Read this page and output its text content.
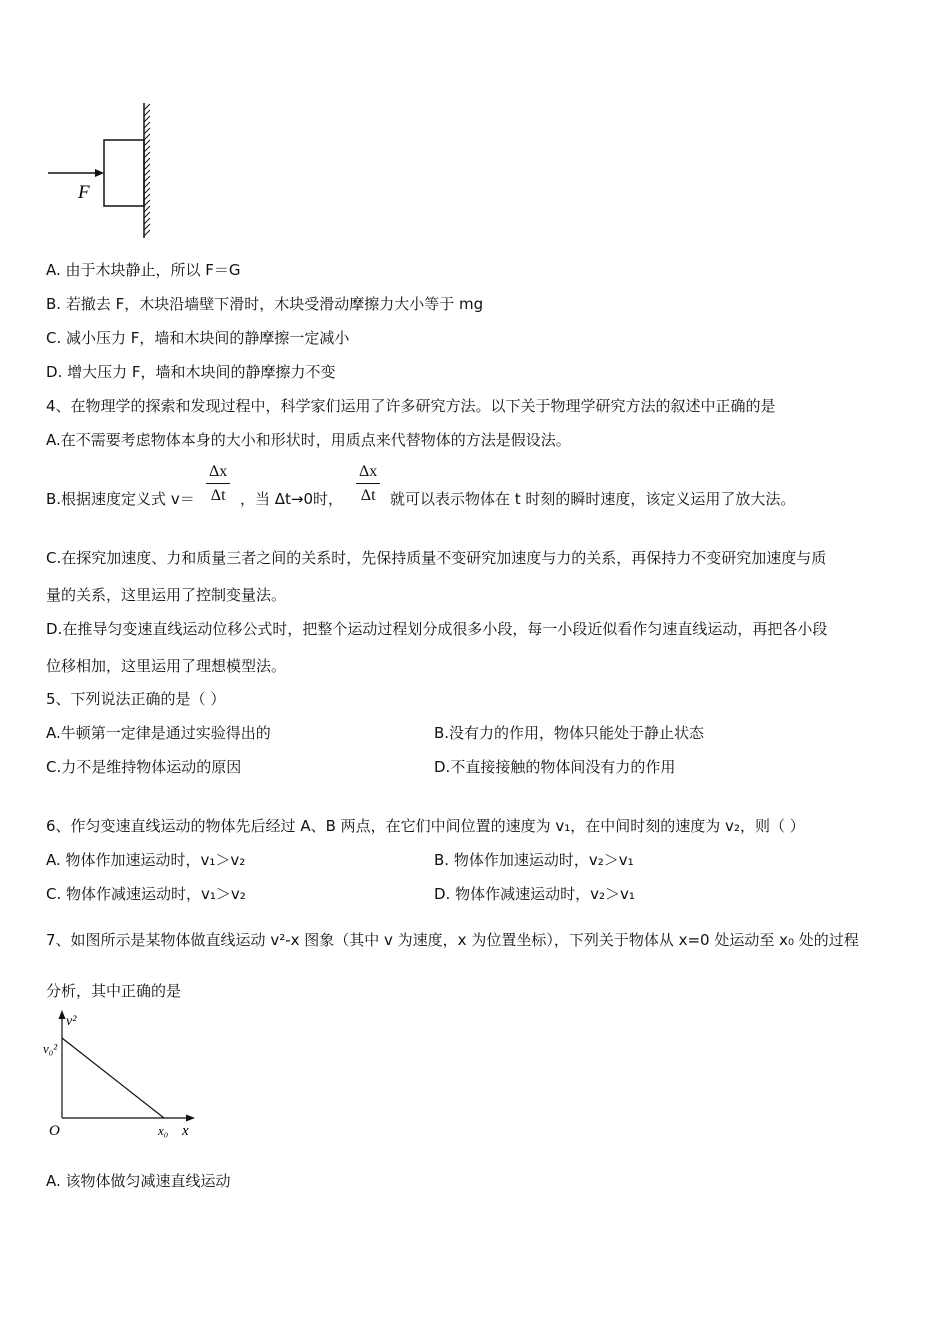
F
A. 由于木块静止，所以 F＝G
B. 若撤去 F，木块沿墙壁下滑时，木块受滑动摩擦力大小等于 mg
C. 减小压力 F，墙和木块间的静摩擦一定减小
D. 增大压力 F，墙和木块间的静摩擦力不变
4、在物理学的探索和发现过程中，科学家们运用了许多研究方法。以下关于物理学研究方法的叙述中正确的是
A.在不需要考虑物体本身的大小和形状时，用质点来代替物体的方法是假设法。
B.根据速度定义式 $v= \frac{\Delta x}{\Delta t}$ ，当 Δt→0时， $\frac{\Delta x}{\Delta t}$ 就可以表示物体在 t 时刻的瞬时速度，该定义运用了放大法。
C.在探究加速度、力和质量三者之间的关系时，先保持质量不变研究加速度与力的关系，再保持力不变研究加速度与质
量的关系，这里运用了控制变量法。
D.在推导匀变速直线运动位移公式时，把整个运动过程划分成很多小段，每一小段近似看作匀速直线运动，再把各小段
位移相加，这里运用了理想模型法。
5、下列说法正确的是（ ）
A.牛顿第一定律是通过实验得出的	B.没有力的作用，物体只能处于静止状态
C.力不是维持物体运动的原因	D.不直接接触的物体间没有力的作用
6、作匀变速直线运动的物体先后经过 A、B 两点，在它们中间位置的速度为 v₁，在中间时刻的速度为 v₂，则（ ）
A. 物体作加速运动时，v₁＞v₂	B. 物体作加速运动时，v₂＞v₁
C. 物体作减速运动时，v₁＞v₂	D. 物体作减速运动时，v₂＞v₁
7、如图所示是某物体做直线运动 v²-x 图象（其中 v 为速度，x 为位置坐标），下列关于物体从 x=0 处运动至 x₀ 处的过程
分析，其中正确的是
v²
v₀²
O	x₀ x
A. 该物体做匀减速直线运动
